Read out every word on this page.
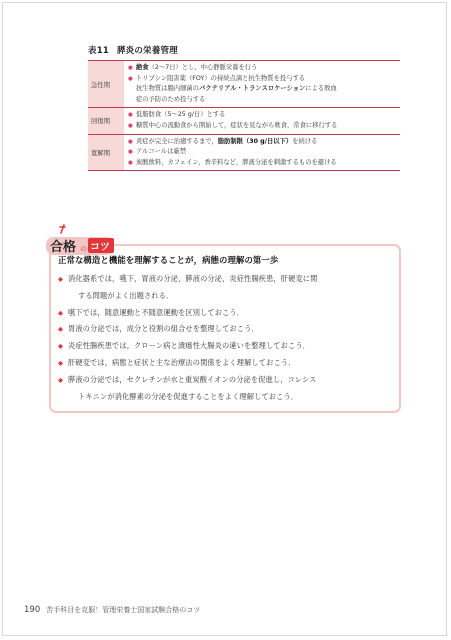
表11 膵炎の栄養管理
急性期
● 絶食（2～7日）とし，中心静脈栄養を行う
● トリプシン阻害薬（FOY）の持続点滴と抗生物質を投与する
抗生物質は腸内細菌のバクテリアル・トランスロケーションによる敗血
症の予防のため投与する
回復期
● 低脂肪食（5～25 g/日）とする
● 糖質中心の流動食から開始して，症状を見ながら軟食，常食に移行する
寛解期
● 炎症が完全に治癒するまで，脂肪制限（30 g/日以下）を続ける
● アルコールは厳禁
● 炭酸飲料，カフェイン，香辛料など，膵液分泌を刺激するものを避ける
合格 の コツ
正常な構造と機能を理解することが，病態の理解の第一歩
◆ 消化器系では，嚥下，胃液の分泌，膵液の分泌，炎症性腸疾患，肝硬変に関
する問題がよく出題される．
◆ 嚥下では，随意運動と不随意運動を区別しておこう．
◆ 胃液の分泌では，成分と役割の組合せを整理しておこう．
◆ 炎症性腸疾患では，クローン病と潰瘍性大腸炎の違いを整理しておこう．
◆ 肝硬変では，病態と症状と主な治療法の関係をよく理解しておこう．
◆ 膵液の分泌では，セクレチンが水と重炭酸イオンの分泌を促進し，コレシス
トキニンが消化酵素の分泌を促進することをよく理解しておこう．
190 苦手科目を克服！管理栄養士国家試験合格のコツ
